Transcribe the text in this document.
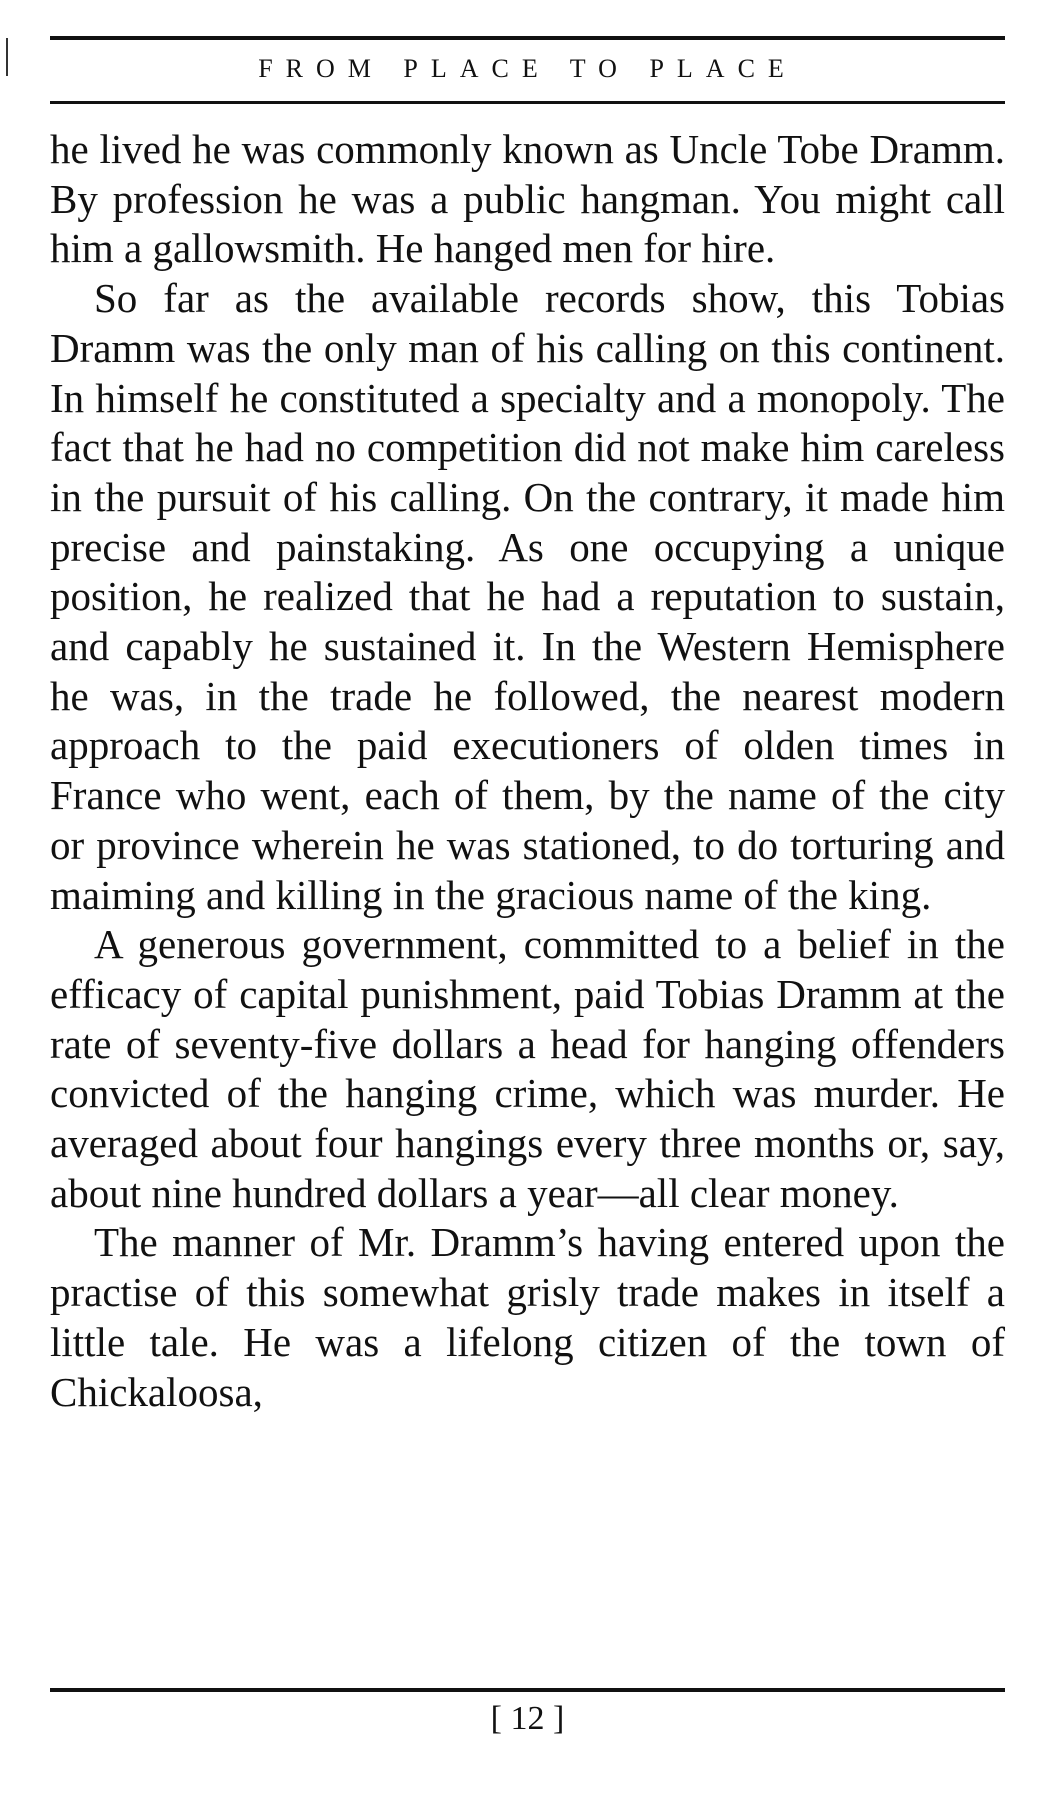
FROM PLACE TO PLACE

he lived he was commonly known as Uncle Tobe Dramm. By profession he was a public hangman. You might call him a gallowsmith. He hanged men for hire.

So far as the available records show, this Tobias Dramm was the only man of his calling on this continent. In himself he constituted a specialty and a monopoly. The fact that he had no competition did not make him careless in the pursuit of his calling. On the contrary, it made him precise and painstaking. As one occupying a unique position, he realized that he had a reputation to sustain, and capably he sustained it. In the Western Hemisphere he was, in the trade he followed, the nearest modern approach to the paid executioners of olden times in France who went, each of them, by the name of the city or province wherein he was stationed, to do torturing and maiming and killing in the gracious name of the king.

A generous government, committed to a belief in the efficacy of capital punishment, paid Tobias Dramm at the rate of seventy-five dollars a head for hanging offenders convicted of the hanging crime, which was murder. He averaged about four hangings every three months or, say, about nine hundred dollars a year—all clear money.

The manner of Mr. Dramm’s having entered upon the practise of this somewhat grisly trade makes in itself a little tale. He was a lifelong citizen of the town of Chickaloosa,

[ 12 ]
